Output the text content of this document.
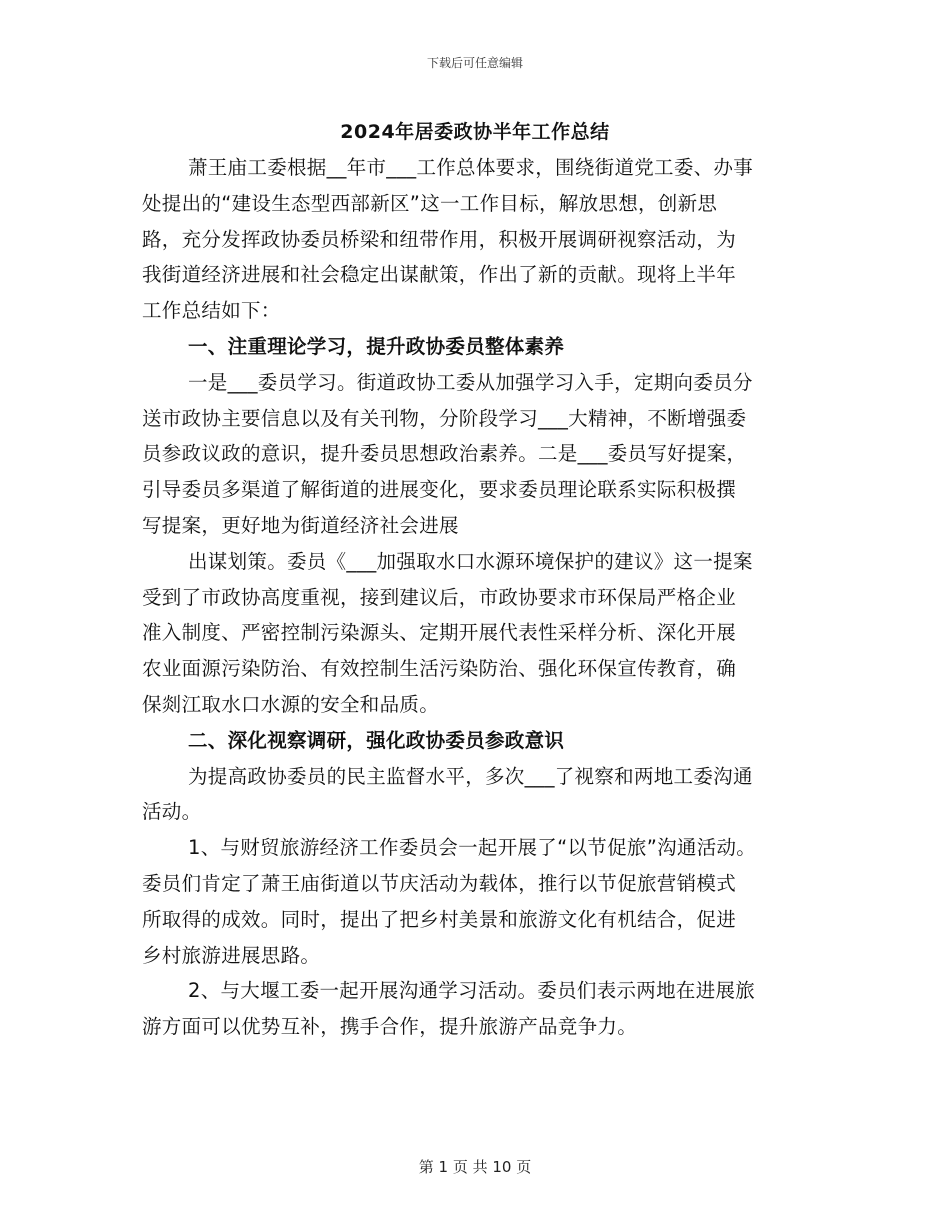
下载后可任意编辑
2024年居委政协半年工作总结
萧王庙工委根据__年市___工作总体要求，围绕街道党工委、办事
处提出的“建设生态型西部新区”这一工作目标，解放思想，创新思
路，充分发挥政协委员桥梁和纽带作用，积极开展调研视察活动，为
我街道经济进展和社会稳定出谋献策，作出了新的贡献。现将上半年
工作总结如下：
一、注重理论学习，提升政协委员整体素养
一是___委员学习。街道政协工委从加强学习入手，定期向委员分
送市政协主要信息以及有关刊物，分阶段学习___大精神，不断增强委
员参政议政的意识，提升委员思想政治素养。二是___委员写好提案，
引导委员多渠道了解街道的进展变化，要求委员理论联系实际积极撰
写提案，更好地为街道经济社会进展
出谋划策。委员《___加强取水口水源环境保护的建议》这一提案
受到了市政协高度重视，接到建议后，市政协要求市环保局严格企业
准入制度、严密控制污染源头、定期开展代表性采样分析、深化开展
农业面源污染防治、有效控制生活污染防治、强化环保宣传教育，确
保剡江取水口水源的安全和品质。
二、深化视察调研，强化政协委员参政意识
为提高政协委员的民主监督水平，多次___了视察和两地工委沟通
活动。
1、与财贸旅游经济工作委员会一起开展了“以节促旅”沟通活动。
委员们肯定了萧王庙街道以节庆活动为载体，推行以节促旅营销模式
所取得的成效。同时，提出了把乡村美景和旅游文化有机结合，促进
乡村旅游进展思路。
2、与大堰工委一起开展沟通学习活动。委员们表示两地在进展旅
游方面可以优势互补，携手合作，提升旅游产品竞争力。
第 1 页 共 10 页
